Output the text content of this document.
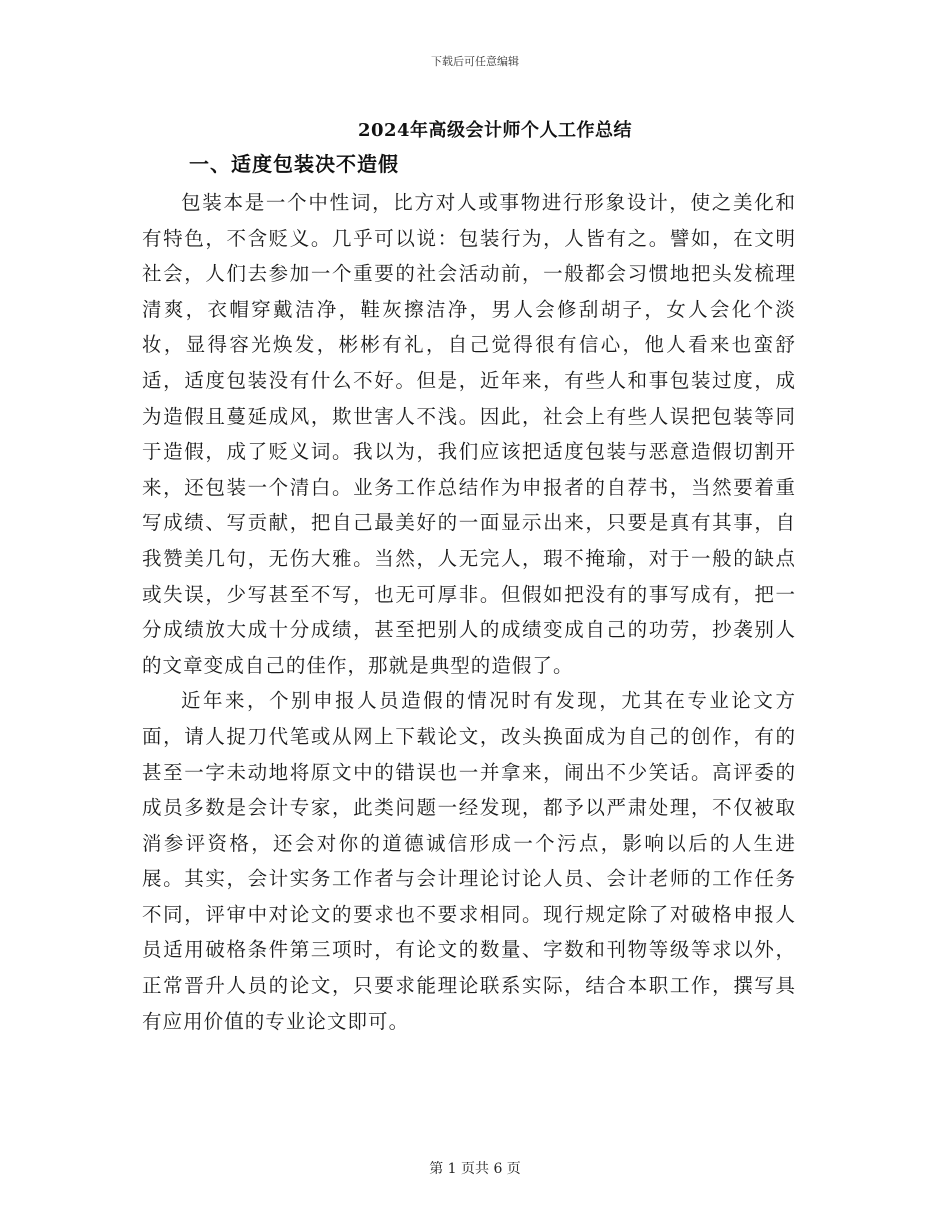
下载后可任意编辑
2024年高级会计师个人工作总结
一、适度包装决不造假

包装本是一个中性词，比方对人或事物进行形象设计，使之美化和有特色，不含贬义。几乎可以说：包装行为，人皆有之。譬如，在文明社会，人们去参加一个重要的社会活动前，一般都会习惯地把头发梳理清爽，衣帽穿戴洁净，鞋灰擦洁净，男人会修刮胡子，女人会化个淡妆，显得容光焕发，彬彬有礼，自己觉得很有信心，他人看来也蛮舒适，适度包装没有什么不好。但是，近年来，有些人和事包装过度，成为造假且蔓延成风，欺世害人不浅。因此，社会上有些人误把包装等同于造假，成了贬义词。我以为，我们应该把适度包装与恶意造假切割开来，还包装一个清白。业务工作总结作为申报者的自荐书，当然要着重写成绩、写贡献，把自己最美好的一面显示出来，只要是真有其事，自我赞美几句，无伤大雅。当然，人无完人，瑕不掩瑜，对于一般的缺点或失误，少写甚至不写，也无可厚非。但假如把没有的事写成有，把一分成绩放大成十分成绩，甚至把别人的成绩变成自己的功劳，抄袭别人的文章变成自己的佳作，那就是典型的造假了。

近年来，个别申报人员造假的情况时有发现，尤其在专业论文方面，请人捉刀代笔或从网上下载论文，改头换面成为自己的创作，有的甚至一字未动地将原文中的错误也一并拿来，闹出不少笑话。高评委的成员多数是会计专家，此类问题一经发现，都予以严肃处理，不仅被取消参评资格，还会对你的道德诚信形成一个污点，影响以后的人生进展。其实，会计实务工作者与会计理论讨论人员、会计老师的工作任务不同，评审中对论文的要求也不要求相同。现行规定除了对破格申报人员适用破格条件第三项时，有论文的数量、字数和刊物等级等求以外，正常晋升人员的论文，只要求能理论联系实际，结合本职工作，撰写具有应用价值的专业论文即可。

第 1 页共 6 页
